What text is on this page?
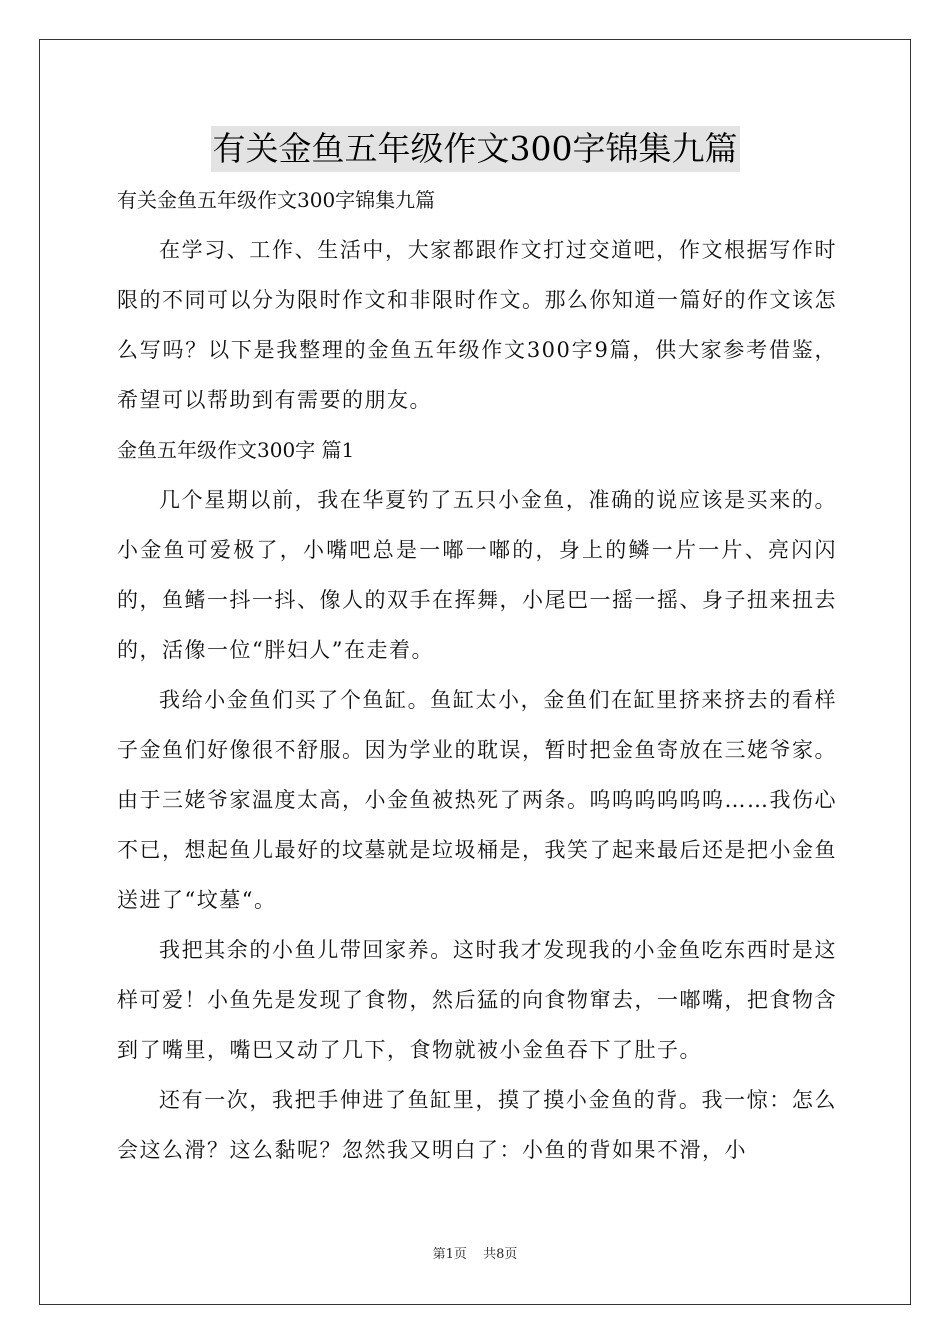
有关金鱼五年级作文300字锦集九篇

有关金鱼五年级作文300字锦集九篇

在学习、工作、生活中，大家都跟作文打过交道吧，作文根据写作时限的不同可以分为限时作文和非限时作文。那么你知道一篇好的作文该怎么写吗？以下是我整理的金鱼五年级作文300字9篇，供大家参考借鉴，希望可以帮助到有需要的朋友。

金鱼五年级作文300字 篇1

几个星期以前，我在华夏钓了五只小金鱼，准确的说应该是买来的。小金鱼可爱极了，小嘴吧总是一嘟一嘟的，身上的鳞一片一片、亮闪闪的，鱼鳍一抖一抖、像人的双手在挥舞，小尾巴一摇一摇、身子扭来扭去的，活像一位“胖妇人”在走着。

我给小金鱼们买了个鱼缸。鱼缸太小，金鱼们在缸里挤来挤去的看样子金鱼们好像很不舒服。因为学业的耽误，暂时把金鱼寄放在三姥爷家。由于三姥爷家温度太高，小金鱼被热死了两条。呜呜呜呜呜呜……我伤心不已，想起鱼儿最好的坟墓就是垃圾桶是，我笑了起来最后还是把小金鱼送进了“坟墓“。

我把其余的小鱼儿带回家养。这时我才发现我的小金鱼吃东西时是这样可爱！小鱼先是发现了食物，然后猛的向食物窜去，一嘟嘴，把食物含到了嘴里，嘴巴又动了几下，食物就被小金鱼吞下了肚子。

还有一次，我把手伸进了鱼缸里，摸了摸小金鱼的背。我一惊：怎么会这么滑？这么黏呢？忽然我又明白了：小鱼的背如果不滑，小

第1页 共8页
